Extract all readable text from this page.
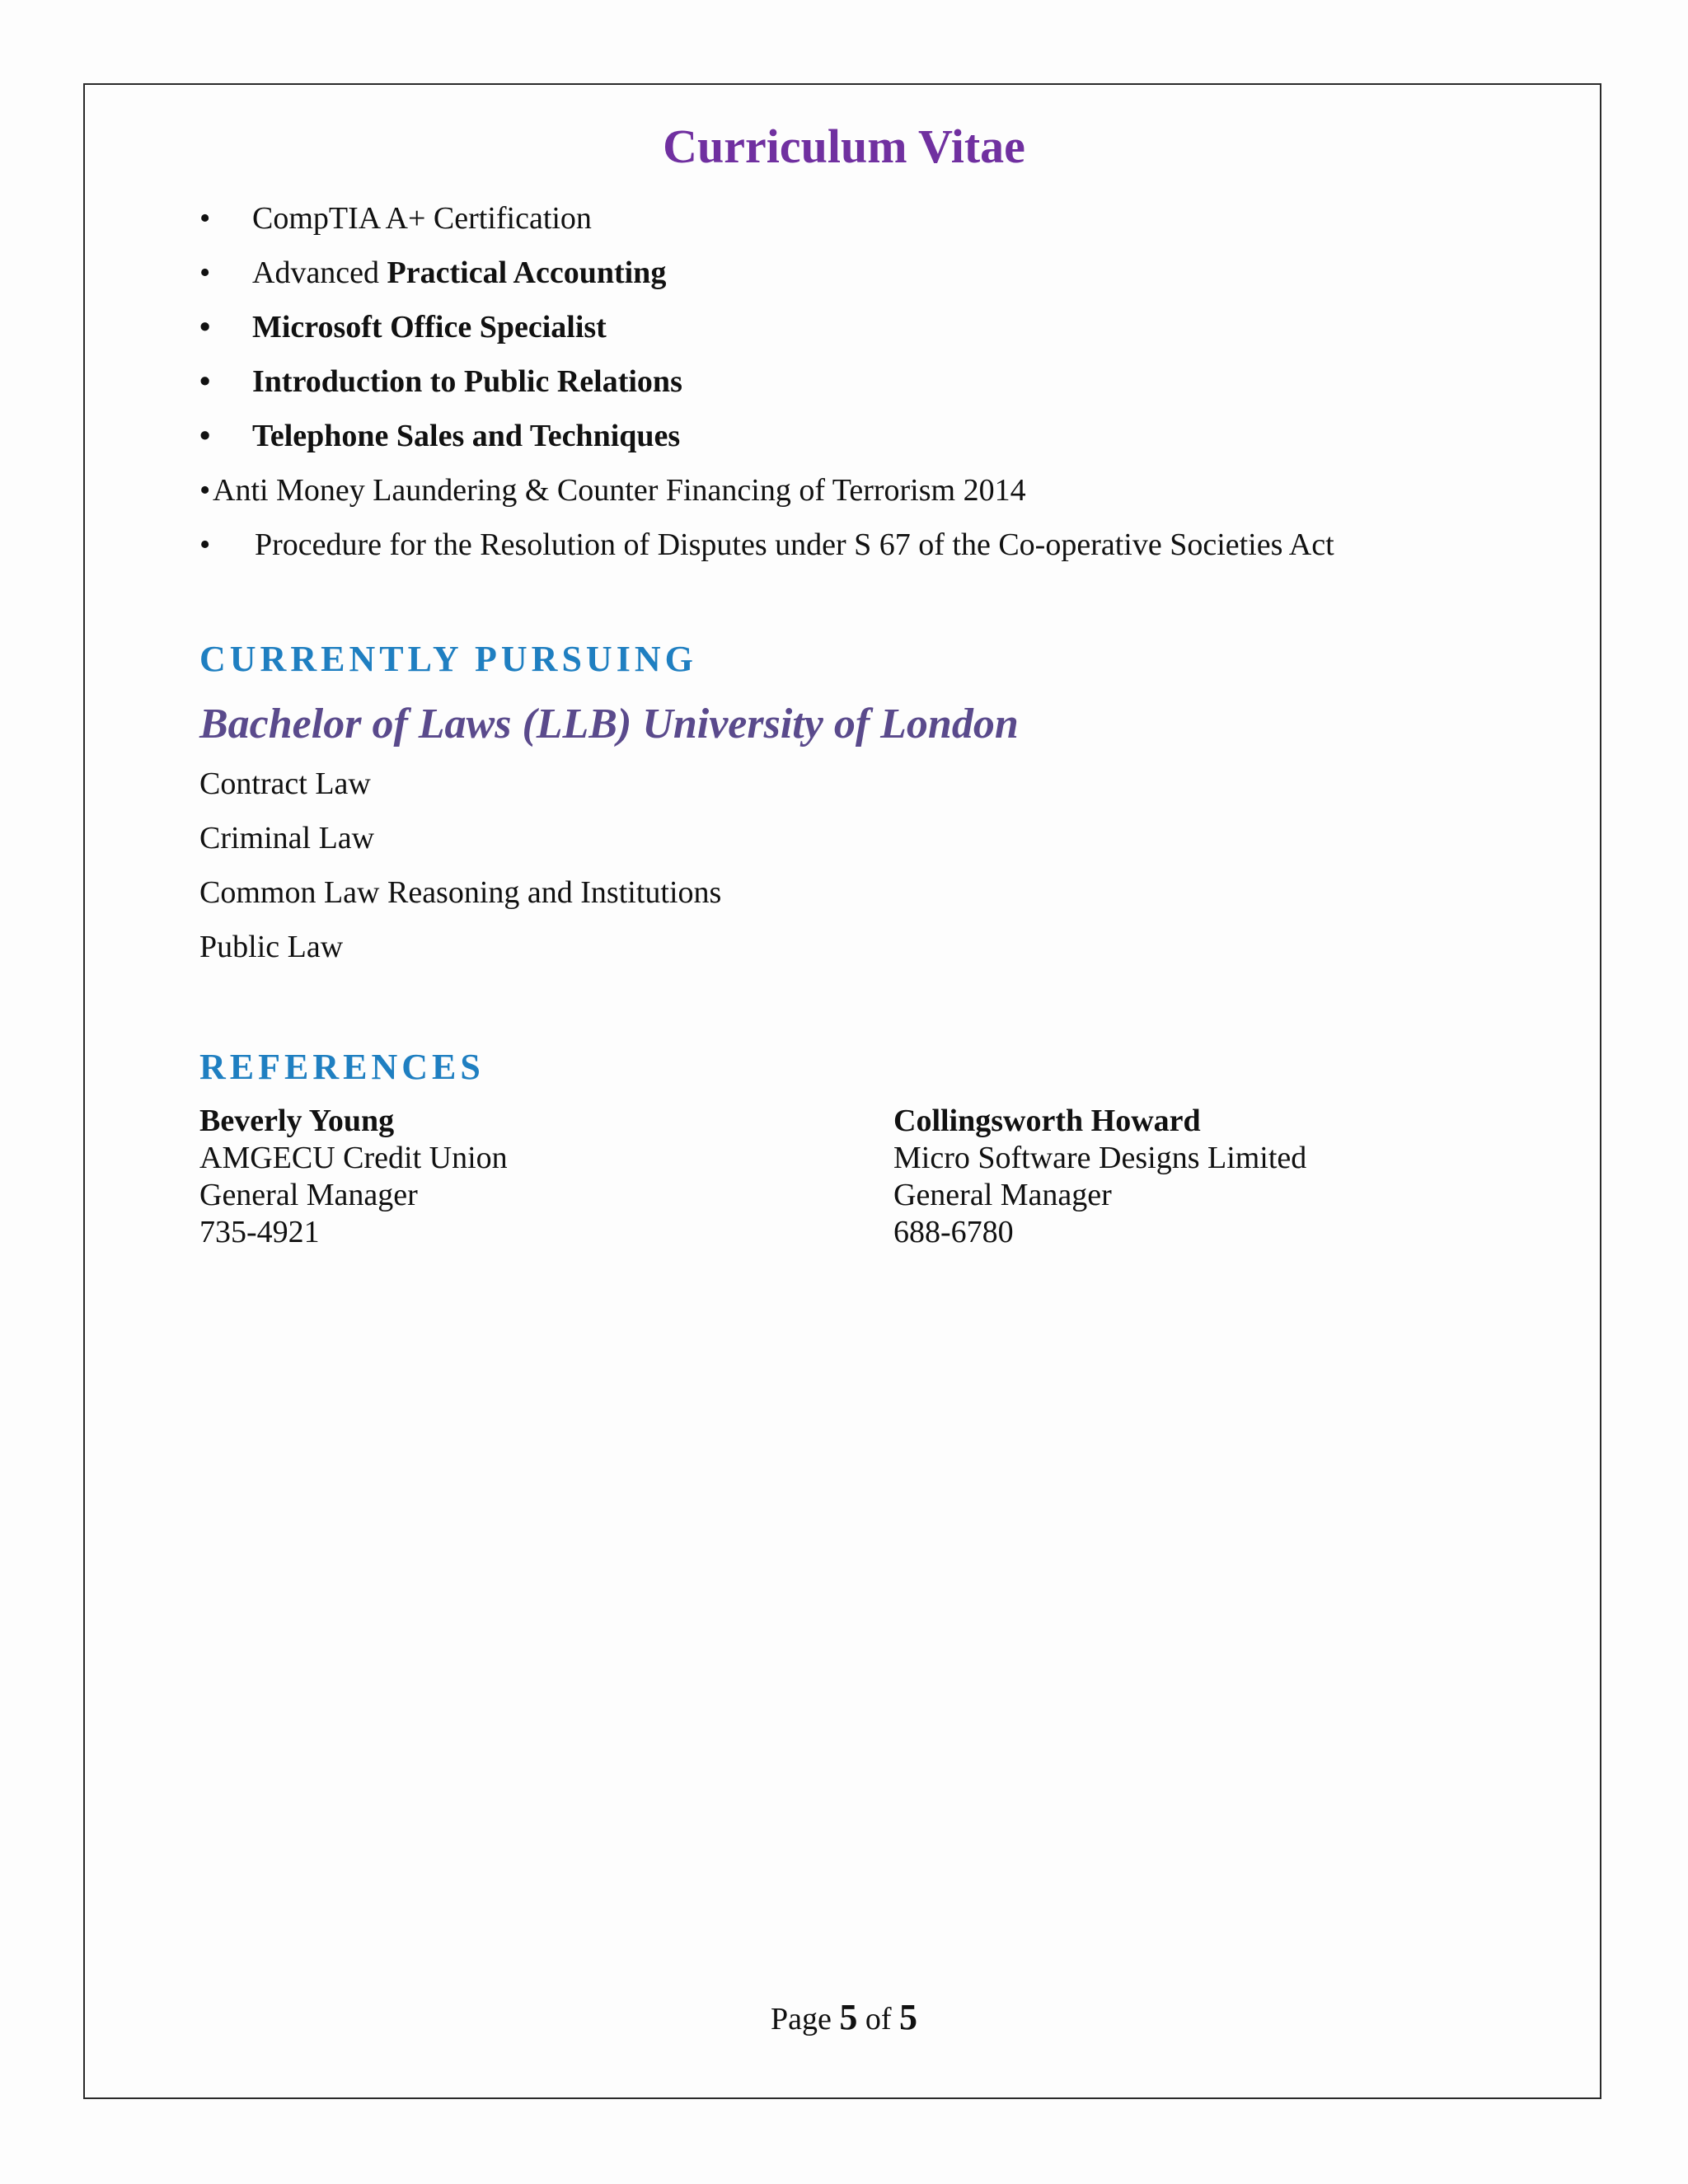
Curriculum Vitae
• CompTIA A+ Certification
• Advanced Practical Accounting
• Microsoft Office Specialist
• Introduction to Public Relations
• Telephone Sales and Techniques
• Anti Money Laundering & Counter Financing of Terrorism 2014
• Procedure for the Resolution of Disputes under S 67 of the Co-operative Societies Act
CURRENTLY PURSUING
Bachelor of Laws (LLB) University of London
Contract Law
Criminal Law
Common Law Reasoning and Institutions
Public Law
REFERENCES
Beverly Young
AMGECU Credit Union
General Manager
735-4921
Collingsworth Howard
Micro Software Designs Limited
General Manager
688-6780
Page 5 of 5
